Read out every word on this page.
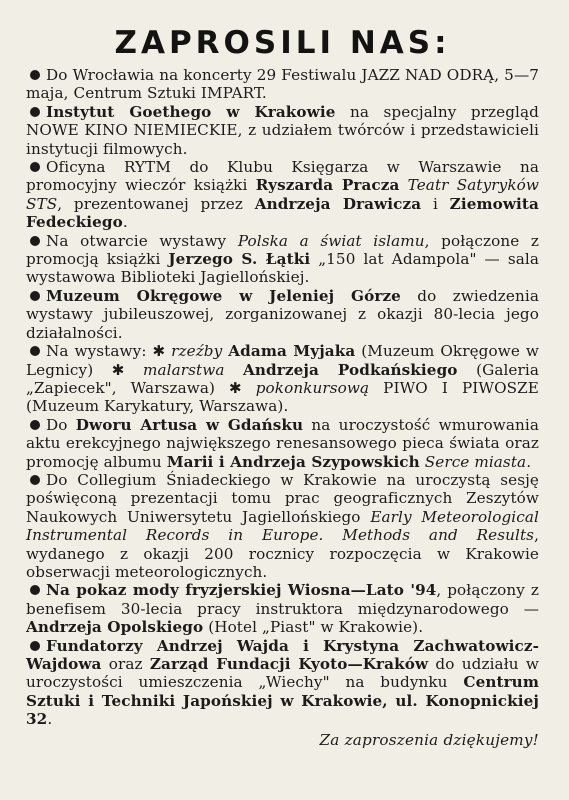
ZAPROSILI NAS:

Do Wrocławia na koncerty 29 Festiwalu JAZZ NAD ODRĄ, 5—7 maja, Centrum Sztuki IMPART.

Instytut Goethego w Krakowie na specjalny przegląd NOWE KINO NIEMIECKIE, z udziałem twórców i przedstawicieli instytucji filmowych.

Oficyna RYTM do Klubu Księgarza w Warszawie na promocyjny wieczór książki Ryszarda Praczа Teatr Satyryków STS, prezentowanej przez Andrzeja Drawicza i Ziemowita Fedeckiego.

Na otwarcie wystawy Polska a świat islamu, połączone z promocją książki Jerzego S. Łątki „150 lat Adampola" — sala wystawowa Biblioteki Jagiellońskiej.

Muzeum Okręgowe w Jeleniej Górze do zwiedzenia wystawy jubileuszowej, zorganizowanej z okazji 80-lecia jego działalności.

Na wystawy: ✱ rzeźby Adama Myjaka (Muzeum Okręgowe w Legnicy) ✱ malarstwa Andrzeja Podkańskiego (Galeria „Zapiecek", Warszawa) ✱ pokonkursową PIWO I PIWOSZE (Muzeum Karykatury, Warszawa).

Do Dworu Artusa w Gdańsku na uroczystość wmurowania aktu erekcyjnego największego renesansowego pieca świata oraz promocję albumu Marii i Andrzeja Szypowskich Serce miasta.

Do Collegium Śniadeckiego w Krakowie na uroczystą sesję poświęconą prezentacji tomu prac geograficznych Zeszytów Naukowych Uniwersytetu Jagiellońskiego Early Meteorological Instrumental Records in Europe. Methods and Results, wydanego z okazji 200 rocznicy rozpoczęcia w Krakowie obserwacji meteorologicznych.

Na pokaz mody fryzjerskiej Wiosna—Lato '94, połączony z benefisem 30-lecia pracy instruktora międzynarodowego — Andrzeja Opolskiego (Hotel „Piast" w Krakowie).

Fundatorzy Andrzej Wajda i Krystyna Zachwatowicz-Wajdowa oraz Zarząd Fundacji Kyoto—Kraków do udziału w uroczystości umieszczenia „Wiechy" na budynku Centrum Sztuki i Techniki Japońskiej w Krakowie, ul. Konopnickiej 32.

Za zaproszenia dziękujemy!
